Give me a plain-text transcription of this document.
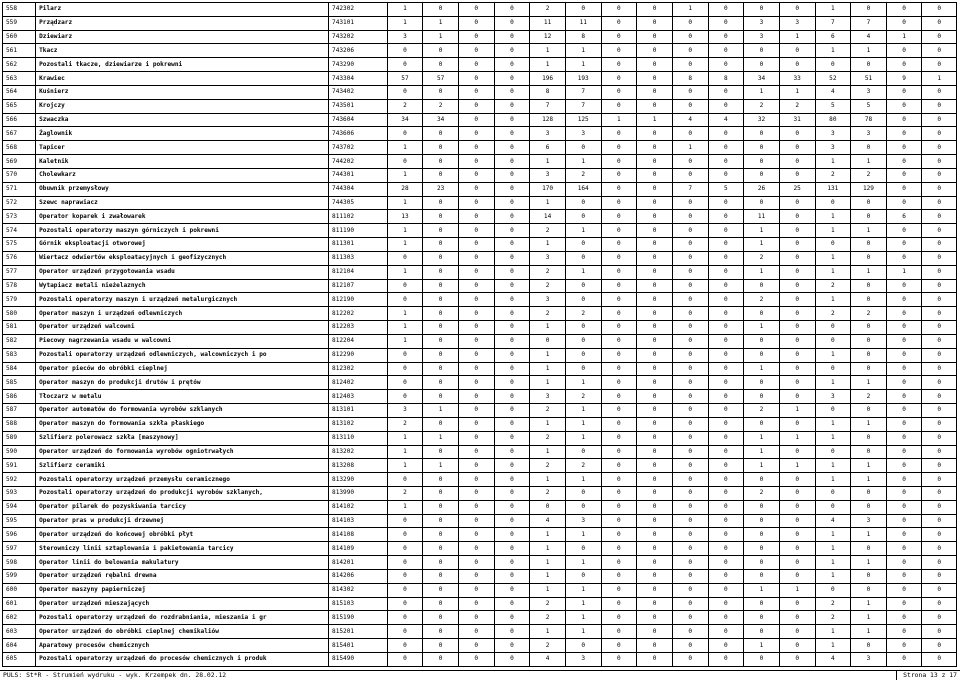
558	Pilarz	742302	1	0	0	0	2	0	0	0	1	0	0	0	1	0	0	0
559	Prządzarz	743101	1	1	0	0	11	11	0	0	0	0	3	3	7	7	0	0
560	Dziewiarz	743202	3	1	0	0	12	8	0	0	0	0	3	1	6	4	1	0
561	Tkacz	743206	0	0	0	0	1	1	0	0	0	0	0	0	1	1	0	0
562	Pozostali tkacze, dziewiarze i pokrewni	743290	0	0	0	0	1	1	0	0	0	0	0	0	0	0	0	0
563	Krawiec	743304	57	57	0	0	196	193	0	0	8	8	34	33	52	51	9	1
564	Kuśnierz	743402	0	0	0	0	8	7	0	0	0	0	1	1	4	3	0	0
565	Krojczy	743501	2	2	0	0	7	7	0	0	0	0	2	2	5	5	0	0
566	Szwaczka	743604	34	34	0	0	128	125	1	1	4	4	32	31	80	78	0	0
567	Żaglownik	743606	0	0	0	0	3	3	0	0	0	0	0	0	3	3	0	0
568	Tapicer	743702	1	0	0	0	6	0	0	0	1	0	0	0	3	0	0	0
569	Kaletnik	744202	0	0	0	0	1	1	0	0	0	0	0	0	1	1	0	0
570	Cholewkarz	744301	1	0	0	0	3	2	0	0	0	0	0	0	2	2	0	0
571	Obuwnik przemysłowy	744304	28	23	0	0	170	164	0	0	7	5	26	25	131	129	0	0
572	Szewc naprawiacz	744305	1	0	0	0	1	0	0	0	0	0	0	0	0	0	0	0
573	Operator koparek i zwałowarek	811102	13	0	0	0	14	0	0	0	0	0	11	0	1	0	6	0
574	Pozostali operatorzy maszyn górniczych i pokrewni	811190	1	0	0	0	2	1	0	0	0	0	1	0	1	1	0	0
575	Górnik eksploatacji otworowej	811301	1	0	0	0	1	0	0	0	0	0	1	0	0	0	0	0
576	Wiertacz odwiertów eksploatacyjnych i geofizycznych	811303	0	0	0	0	3	0	0	0	0	0	2	0	1	0	0	0
577	Operator urządzeń przygotowania wsadu	812104	1	0	0	0	2	1	0	0	0	0	1	0	1	1	1	0
578	Wytapiacz metali nieżelaznych	812107	0	0	0	0	2	0	0	0	0	0	0	0	2	0	0	0
579	Pozostali operatorzy maszyn i urządzeń metalurgicznych	812190	0	0	0	0	3	0	0	0	0	0	2	0	1	0	0	0
580	Operator maszyn i urządzeń odlewniczych	812202	1	0	0	0	2	2	0	0	0	0	0	0	2	2	0	0
581	Operator urządzeń walcowni	812203	1	0	0	0	1	0	0	0	0	0	1	0	0	0	0	0
582	Piecowy nagrzewania wsadu w walcowni	812204	1	0	0	0	0	0	0	0	0	0	0	0	0	0	0	0
583	Pozostali operatorzy urządzeń odlewniczych, walcowniczych i po	812290	0	0	0	0	1	0	0	0	0	0	0	0	1	0	0	0
584	Operator pieców do obróbki cieplnej	812302	0	0	0	0	1	0	0	0	0	0	1	0	0	0	0	0
585	Operator maszyn do produkcji drutów i prętów	812402	0	0	0	0	1	1	0	0	0	0	0	0	1	1	0	0
586	Tłoczarz w metalu	812403	0	0	0	0	3	2	0	0	0	0	0	0	3	2	0	0
587	Operator automatów do formowania wyrobów szklanych	813101	3	1	0	0	2	1	0	0	0	0	2	1	0	0	0	0
588	Operator maszyn do formowania szkła płaskiego	813102	2	0	0	0	1	1	0	0	0	0	0	0	1	1	0	0
589	Szlifierz polerowacz szkła [maszynowy]	813110	1	1	0	0	2	1	0	0	0	0	1	1	1	0	0	0
590	Operator urządzeń do formowania wyrobów ogniotrwałych	813202	1	0	0	0	1	0	0	0	0	0	1	0	0	0	0	0
591	Szlifierz ceramiki	813208	1	1	0	0	2	2	0	0	0	0	1	1	1	1	0	0
592	Pozostali operatorzy urządzeń przemysłu ceramicznego	813290	0	0	0	0	1	1	0	0	0	0	0	0	1	1	0	0
593	Pozostali operatorzy urządzeń do produkcji wyrobów szklanych,	813990	2	0	0	0	2	0	0	0	0	0	2	0	0	0	0	0
594	Operator pilarek do pozyskiwania tarcicy	814102	1	0	0	0	0	0	0	0	0	0	0	0	0	0	0	0
595	Operator pras w produkcji drzewnej	814103	0	0	0	0	4	3	0	0	0	0	0	0	4	3	0	0
596	Operator urządzeń do końcowej obróbki płyt	814108	0	0	0	0	1	1	0	0	0	0	0	0	1	1	0	0
597	Sterowniczy linii sztaplowania i pakietowania tarcicy	814109	0	0	0	0	1	0	0	0	0	0	0	0	1	0	0	0
598	Operator linii do belowania makulatury	814201	0	0	0	0	1	1	0	0	0	0	0	0	1	1	0	0
599	Operator urządzeń rębalni drewna	814206	0	0	0	0	1	0	0	0	0	0	0	0	1	0	0	0
600	Operator maszyny papierniczej	814302	0	0	0	0	1	1	0	0	0	0	1	1	0	0	0	0
601	Operator urządzeń mieszających	815103	0	0	0	0	2	1	0	0	0	0	0	0	2	1	0	0
602	Pozostali operatorzy urządzeń do rozdrabniania, mieszania i gr	815190	0	0	0	0	2	1	0	0	0	0	0	0	2	1	0	0
603	Operator urządzeń do obróbki cieplnej chemikaliów	815201	0	0	0	0	1	1	0	0	0	0	0	0	1	1	0	0
604	Aparatowy procesów chemicznych	815401	0	0	0	0	2	0	0	0	0	0	1	0	1	0	0	0
605	Pozostali operatorzy urządzeń do procesów chemicznych i produk	815490	0	0	0	0	4	3	0	0	0	0	0	0	4	3	0	0
PULS: St*R - Strumień wydruku - wyk. Krzempek dn. 28.02.12	Strona 13 z 17
